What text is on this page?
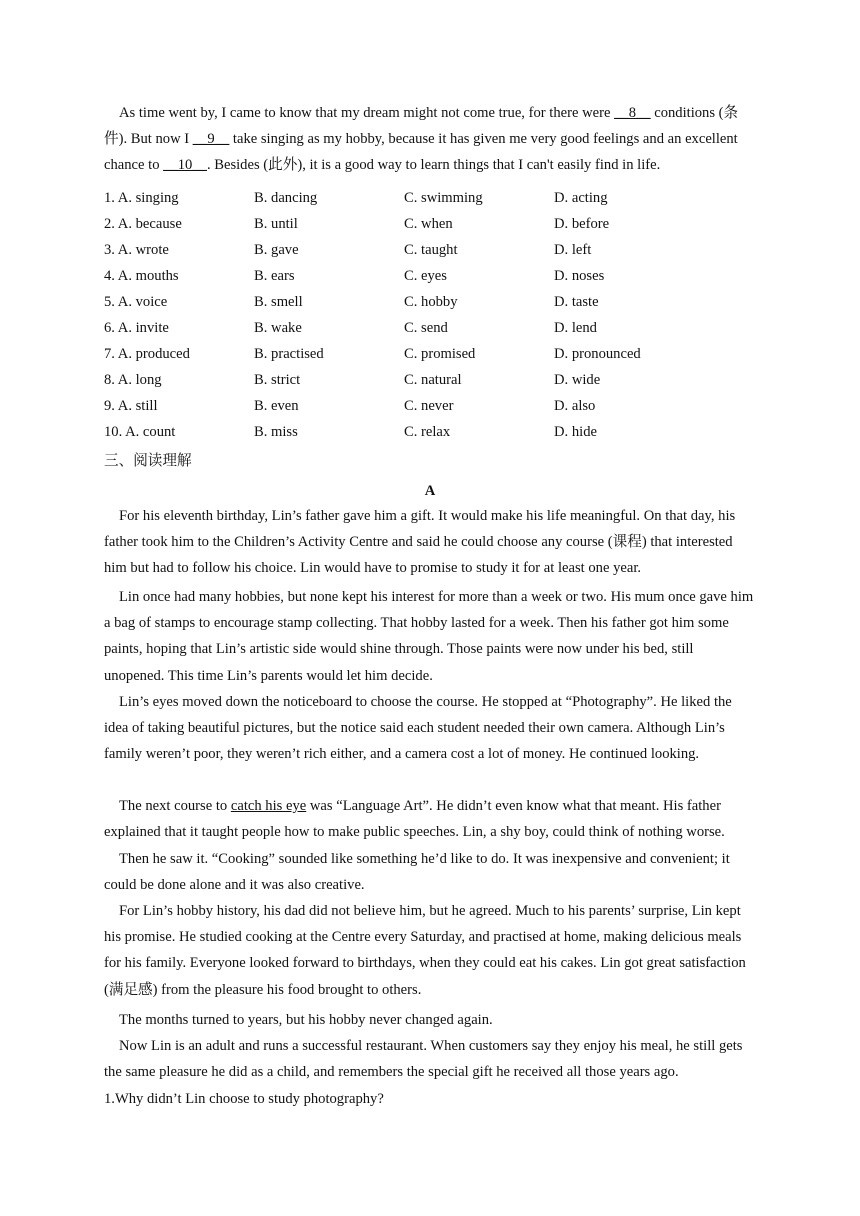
As time went by, I came to know that my dream might not come true, for there were __8__ conditions (条件). But now I __9__ take singing as my hobby, because it has given me very good feelings and an excellent chance to __10__. Besides (此外), it is a good way to learn things that I can't easily find in life.

1. A. singing	B. dancing	C. swimming	D. acting
2. A. because	B. until	C. when	D. before
3. A. wrote	B. gave	C. taught	D. left
4. A. mouths	B. ears	C. eyes	D. noses
5. A. voice	B. smell	C. hobby	D. taste
6. A. invite	B. wake	C. send	D. lend
7. A. produced	B. practised	C. promised	D. pronounced
8. A. long	B. strict	C. natural	D. wide
9. A. still	B. even	C. never	D. also
10. A. count	B. miss	C. relax	D. hide
三、阅读理解
A

For his eleventh birthday, Lin’s father gave him a gift. It would make his life meaningful. On that day, his father took him to the Children’s Activity Centre and said he could choose any course (课程) that interested him but had to follow his choice. Lin would have to promise to study it for at least one year.

Lin once had many hobbies, but none kept his interest for more than a week or two. His mum once gave him a bag of stamps to encourage stamp collecting. That hobby lasted for a week. Then his father got him some paints, hoping that Lin’s artistic side would shine through. Those paints were now under his bed, still unopened. This time Lin’s parents would let him decide.

Lin’s eyes moved down the noticeboard to choose the course. He stopped at “Photography”. He liked the idea of taking beautiful pictures, but the notice said each student needed their own camera. Although Lin’s family weren’t poor, they weren’t rich either, and a camera cost a lot of money. He continued looking.

The next course to catch his eye was “Language Art”. He didn’t even know what that meant. His father explained that it taught people how to make public speeches. Lin, a shy boy, could think of nothing worse.

Then he saw it. “Cooking” sounded like something he’d like to do. It was inexpensive and convenient; it could be done alone and it was also creative.

For Lin’s hobby history, his dad did not believe him, but he agreed. Much to his parents’ surprise, Lin kept his promise. He studied cooking at the Centre every Saturday, and practised at home, making delicious meals for his family. Everyone looked forward to birthdays, when they could eat his cakes. Lin got great satisfaction (满足感) from the pleasure his food brought to others.

The months turned to years, but his hobby never changed again.

Now Lin is an adult and runs a successful restaurant. When customers say they enjoy his meal, he still gets the same pleasure he did as a child, and remembers the special gift he received all those years ago.

1.Why didn’t Lin choose to study photography?
